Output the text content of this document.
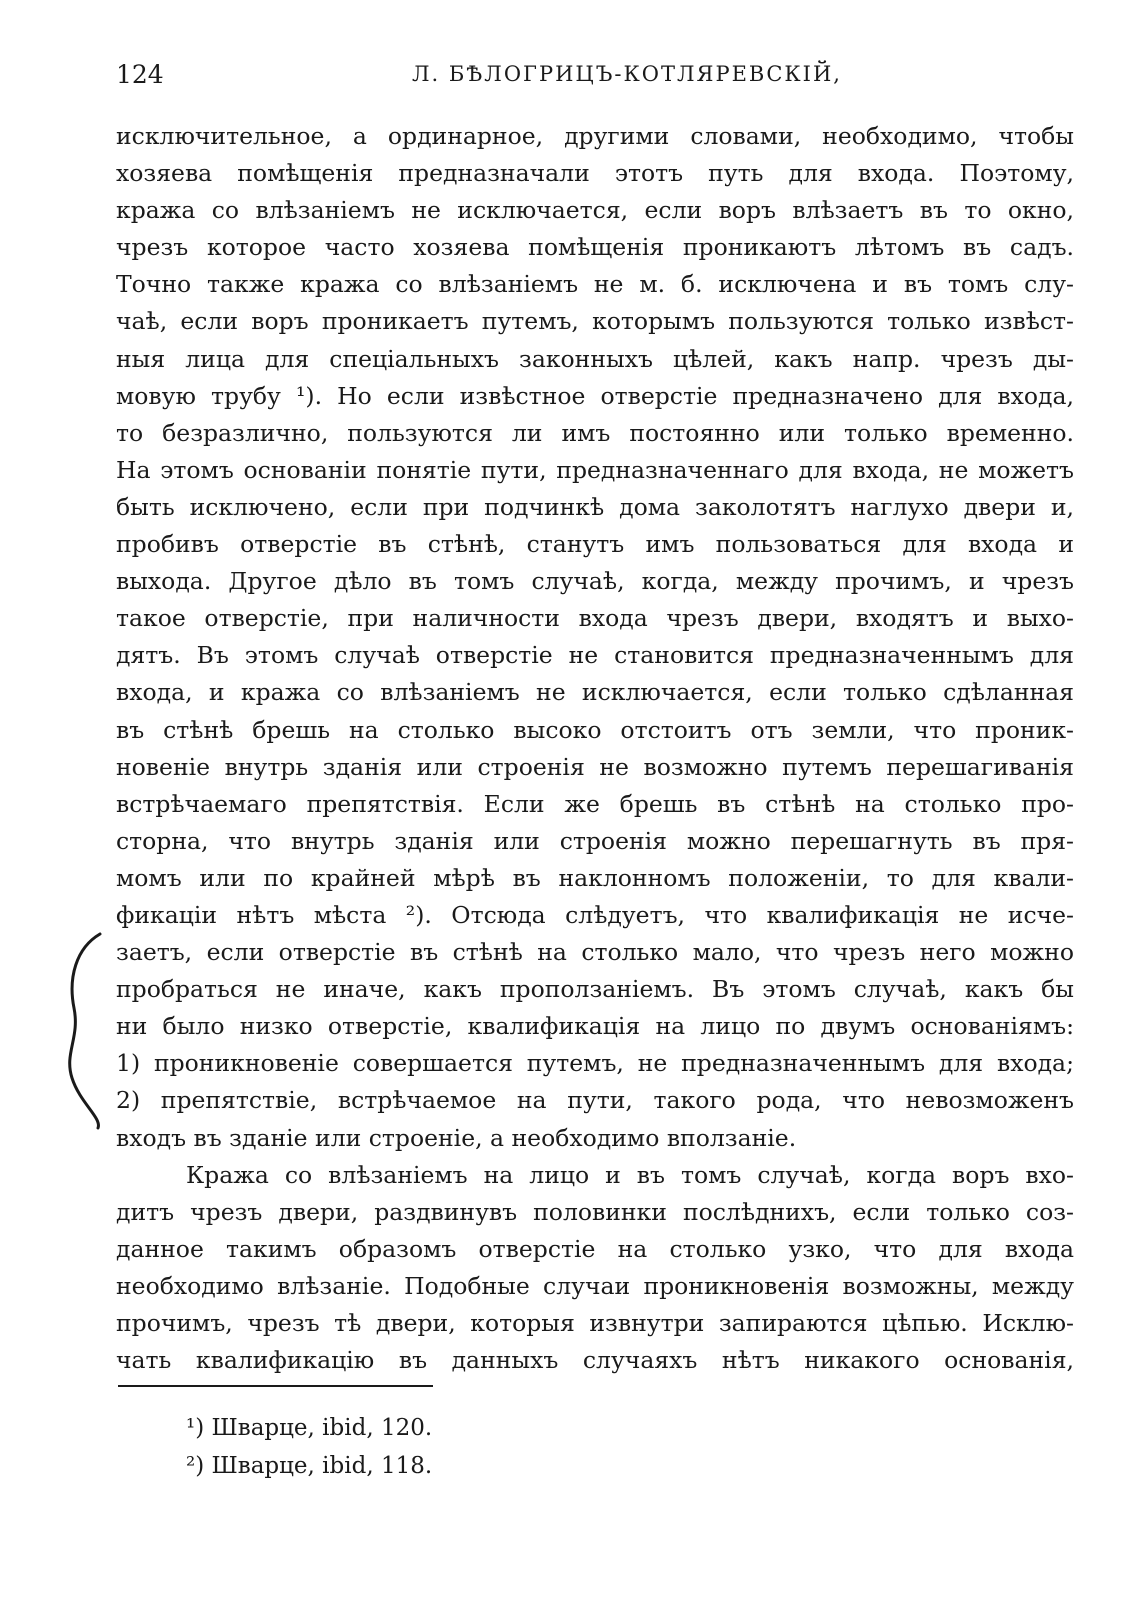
124	Л. БѢЛОГРИЦЪ-КОТЛЯРЕВСКІЙ,
исключительное, а ординарное, другими словами, необходимо, чтобы
хозяева помѣщенія предназначали этотъ путь для входа. Поэтому,
кража со влѣзаніемъ не исключается, если воръ влѣзаетъ въ то окно,
чрезъ которое часто хозяева помѣщенія проникаютъ лѣтомъ въ садъ.
Точно также кража со влѣзаніемъ не м. б. исключена и въ томъ слу-
чаѣ, если воръ проникаетъ путемъ, которымъ пользуются только извѣст-
ныя лица для спеціальныхъ законныхъ цѣлей, какъ напр. чрезъ ды-
мовую трубу ¹). Но если извѣстное отверстіе предназначено для входа,
то безразлично, пользуются ли имъ постоянно или только временно.
На этомъ основаніи понятіе пути, предназначеннаго для входа, не можетъ
быть исключено, если при подчинкѣ дома заколотятъ наглухо двери и,
пробивъ отверстіе въ стѣнѣ, станутъ имъ пользоваться для входа и
выхода. Другое дѣло въ томъ случаѣ, когда, между прочимъ, и чрезъ
такое отверстіе, при наличности входа чрезъ двери, входятъ и выхо-
дятъ. Въ этомъ случаѣ отверстіе не становится предназначеннымъ для
входа, и кража со влѣзаніемъ не исключается, если только сдѣланная
въ стѣнѣ брешь на столько высоко отстоитъ отъ земли, что проник-
новеніе внутрь зданія или строенія не возможно путемъ перешагиванія
встрѣчаемаго препятствія. Если же брешь въ стѣнѣ на столько про-
сторна, что внутрь зданія или строенія можно перешагнуть въ пря-
момъ или по крайней мѣрѣ въ наклонномъ положеніи, то для квали-
фикаціи нѣтъ мѣста ²). Отсюда слѣдуетъ, что квалификація не исче-
заетъ, если отверстіе въ стѣнѣ на столько мало, что чрезъ него можно
пробраться не иначе, какъ проползаніемъ. Въ этомъ случаѣ, какъ бы
ни было низко отверстіе, квалификація на лицо по двумъ основаніямъ:
1) проникновеніе совершается путемъ, не предназначеннымъ для входа;
2) препятствіе, встрѣчаемое на пути, такого рода, что невозможенъ
входъ въ зданіе или строеніе, а необходимо вползаніе.
Кража со влѣзаніемъ на лицо и въ томъ случаѣ, когда воръ вхо-
дитъ чрезъ двери, раздвинувъ половинки послѣднихъ, если только соз-
данное такимъ образомъ отверстіе на столько узко, что для входа
необходимо влѣзаніе. Подобные случаи проникновенія возможны, между
прочимъ, чрезъ тѣ двери, которыя извнутри запираются цѣпью. Исклю-
чать квалификацію въ данныхъ случаяхъ нѣтъ никакого основанія,
¹) Шварце, ibid, 120.
²) Шварце, ibid, 118.
